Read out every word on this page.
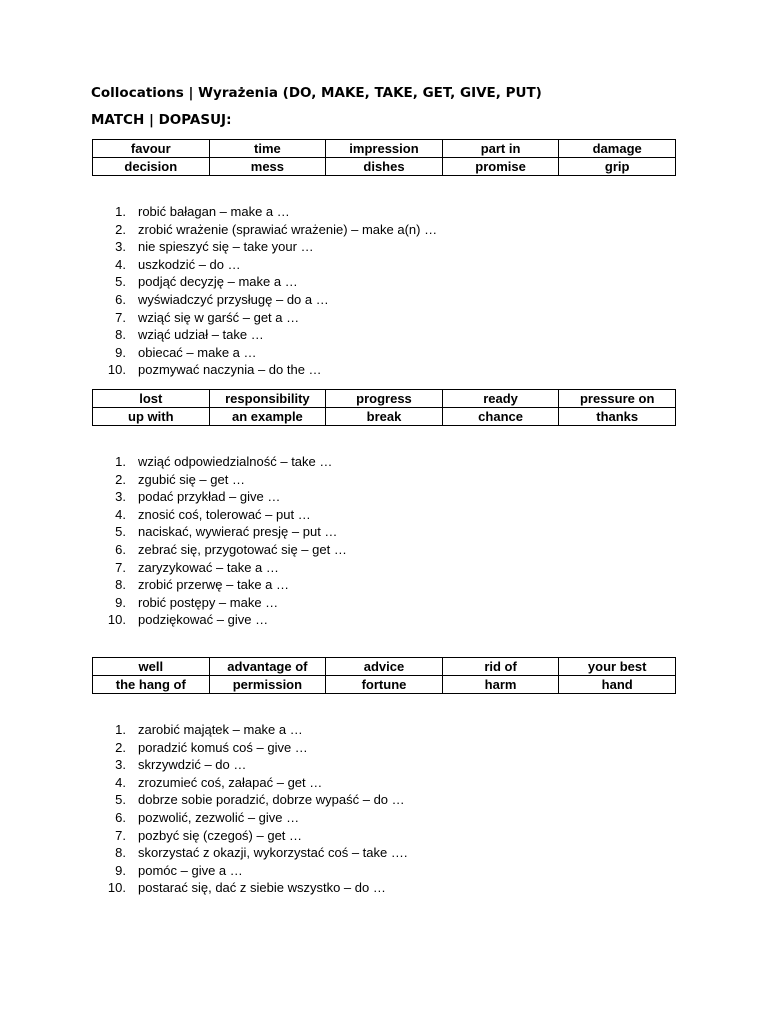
Collocations | Wyrażenia (DO, MAKE, TAKE, GET, GIVE, PUT)
MATCH | DOPASUJ:
favour	time	impression	part in	damage
decision	mess	dishes	promise	grip
1. robić bałagan – make a …
2. zrobić wrażenie (sprawiać wrażenie) – make a(n) …
3. nie spieszyć się – take your …
4. uszkodzić – do …
5. podjąć decyzję – make a …
6. wyświadczyć przysługę – do a …
7. wziąć się w garść – get a …
8. wziąć udział – take …
9. obiecać – make a …
10. pozmywać naczynia – do the …
lost	responsibility	progress	ready	pressure on
up with	an example	break	chance	thanks
1. wziąć odpowiedzialność – take …
2. zgubić się – get …
3. podać przykład – give …
4. znosić coś, tolerować – put …
5. naciskać, wywierać presję – put …
6. zebrać się, przygotować się – get …
7. zaryzykować – take a …
8. zrobić przerwę – take a …
9. robić postępy – make …
10. podziękować – give …
well	advantage of	advice	rid of	your best
the hang of	permission	fortune	harm	hand
1. zarobić majątek – make a …
2. poradzić komuś coś – give …
3. skrzywdzić – do …
4. zrozumieć coś, załapać – get …
5. dobrze sobie poradzić, dobrze wypaść – do …
6. pozwolić, zezwolić – give …
7. pozbyć się (czegoś) – get …
8. skorzystać z okazji, wykorzystać coś – take ….
9. pomóc – give a …
10. postarać się, dać z siebie wszystko – do …
